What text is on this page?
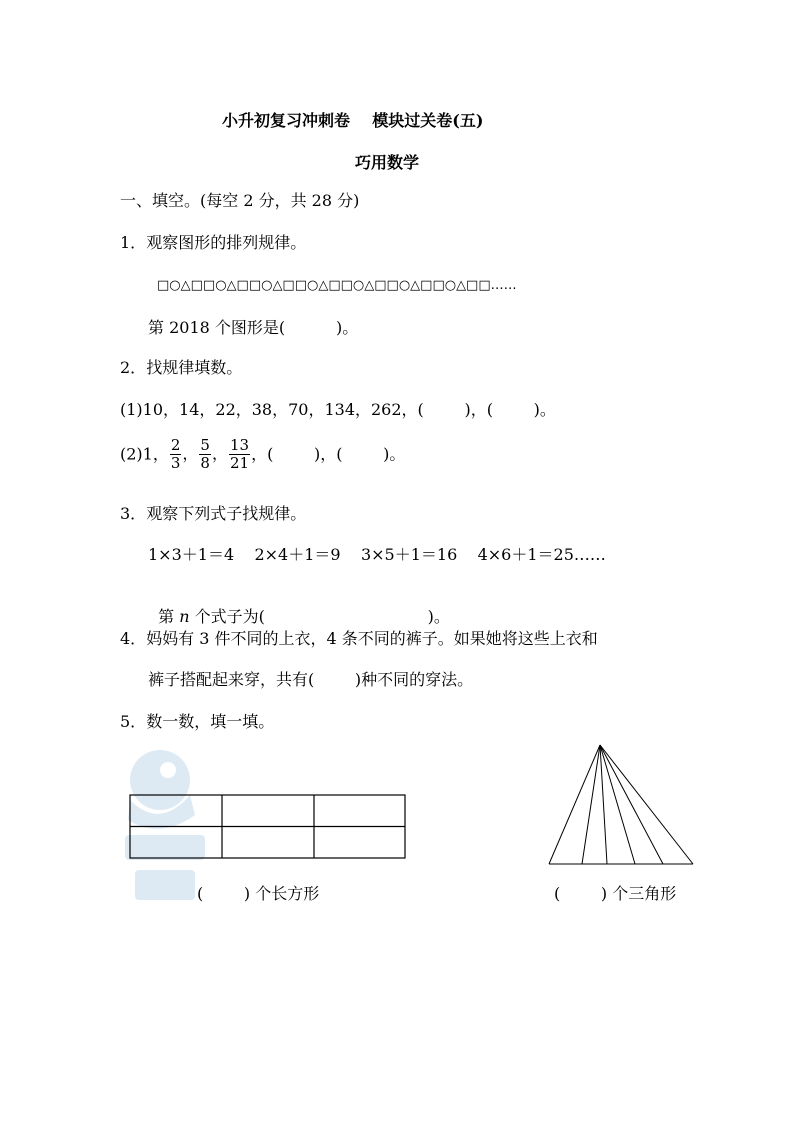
小升初复习冲刺卷    模块过关卷(五)
巧用数学
一、填空。(每空 2 分，共 28 分)
1．观察图形的排列规律。
□○△□□○△□□○△□□○△□□○△□□○△□□○△□□……
第 2018 个图形是(          )。
2．找规律填数。
(1)10，14，22，38，70，134，262，(        )，(        )。
(2)1， $\frac{2}{3}$ ， $\frac{5}{8}$ ， $\frac{13}{21}$ ，(        )，(        )。
3．观察下列式子找规律。
1×3＋1＝4    2×4＋1＝9    3×5＋1＝16    4×6＋1＝25……

第 n 个式子为(                                )。

4．妈妈有 3 件不同的上衣，4 条不同的裤子。如果她将这些上衣和
裤子搭配起来穿，共有(        )种不同的穿法。
5．数一数，填一填。
(        ) 个长方形	(        ) 个三角形
